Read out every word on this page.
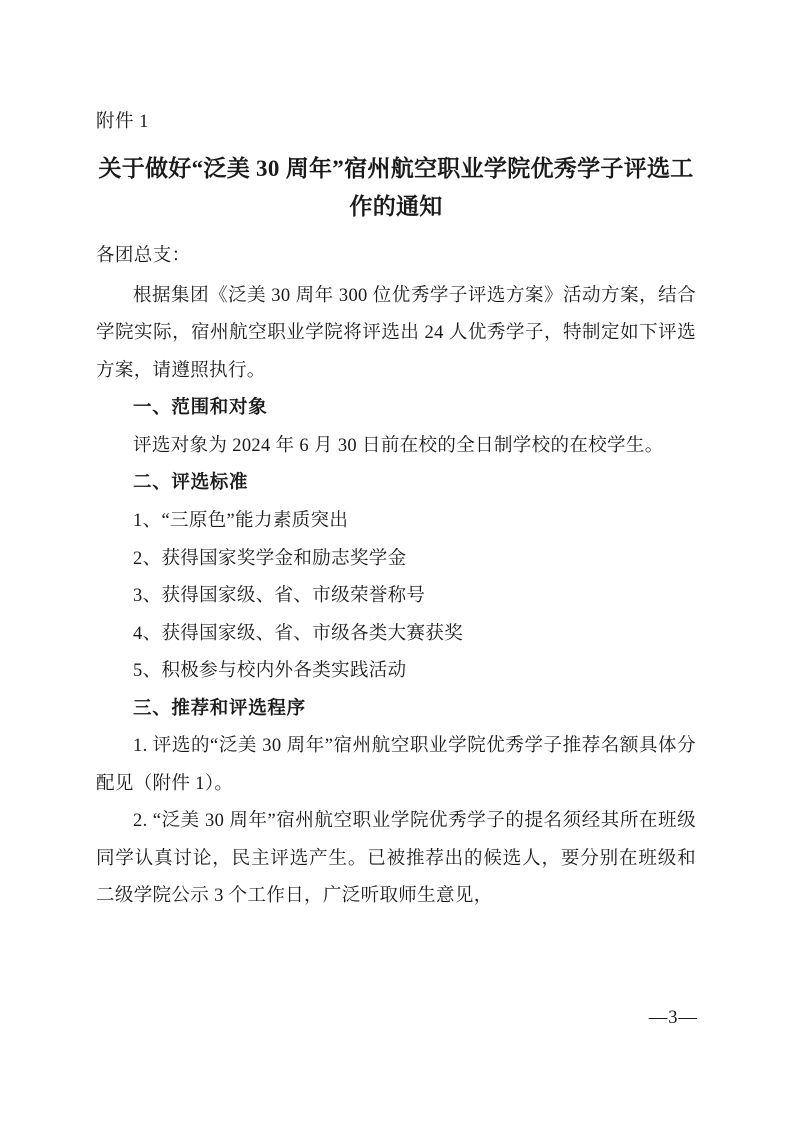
附件 1
关于做好“泛美 30 周年”宿州航空职业学院优秀学子评选工作的通知
各团总支：

根据集团《泛美 30 周年 300 位优秀学子评选方案》活动方案，结合学院实际，宿州航空职业学院将评选出 24 人优秀学子，特制定如下评选方案，请遵照执行。

一、范围和对象

评选对象为 2024 年 6 月 30 日前在校的全日制学校的在校学生。

二、评选标准

1、“三原色”能力素质突出

2、获得国家奖学金和励志奖学金

3、获得国家级、省、市级荣誉称号

4、获得国家级、省、市级各类大赛获奖

5、积极参与校内外各类实践活动

三、推荐和评选程序

1. 评选的“泛美 30 周年”宿州航空职业学院优秀学子推荐名额具体分配见（附件 1）。

2. “泛美 30 周年”宿州航空职业学院优秀学子的提名须经其所在班级同学认真讨论，民主评选产生。已被推荐出的候选人，要分别在班级和二级学院公示 3 个工作日，广泛听取师生意见，

—3—
